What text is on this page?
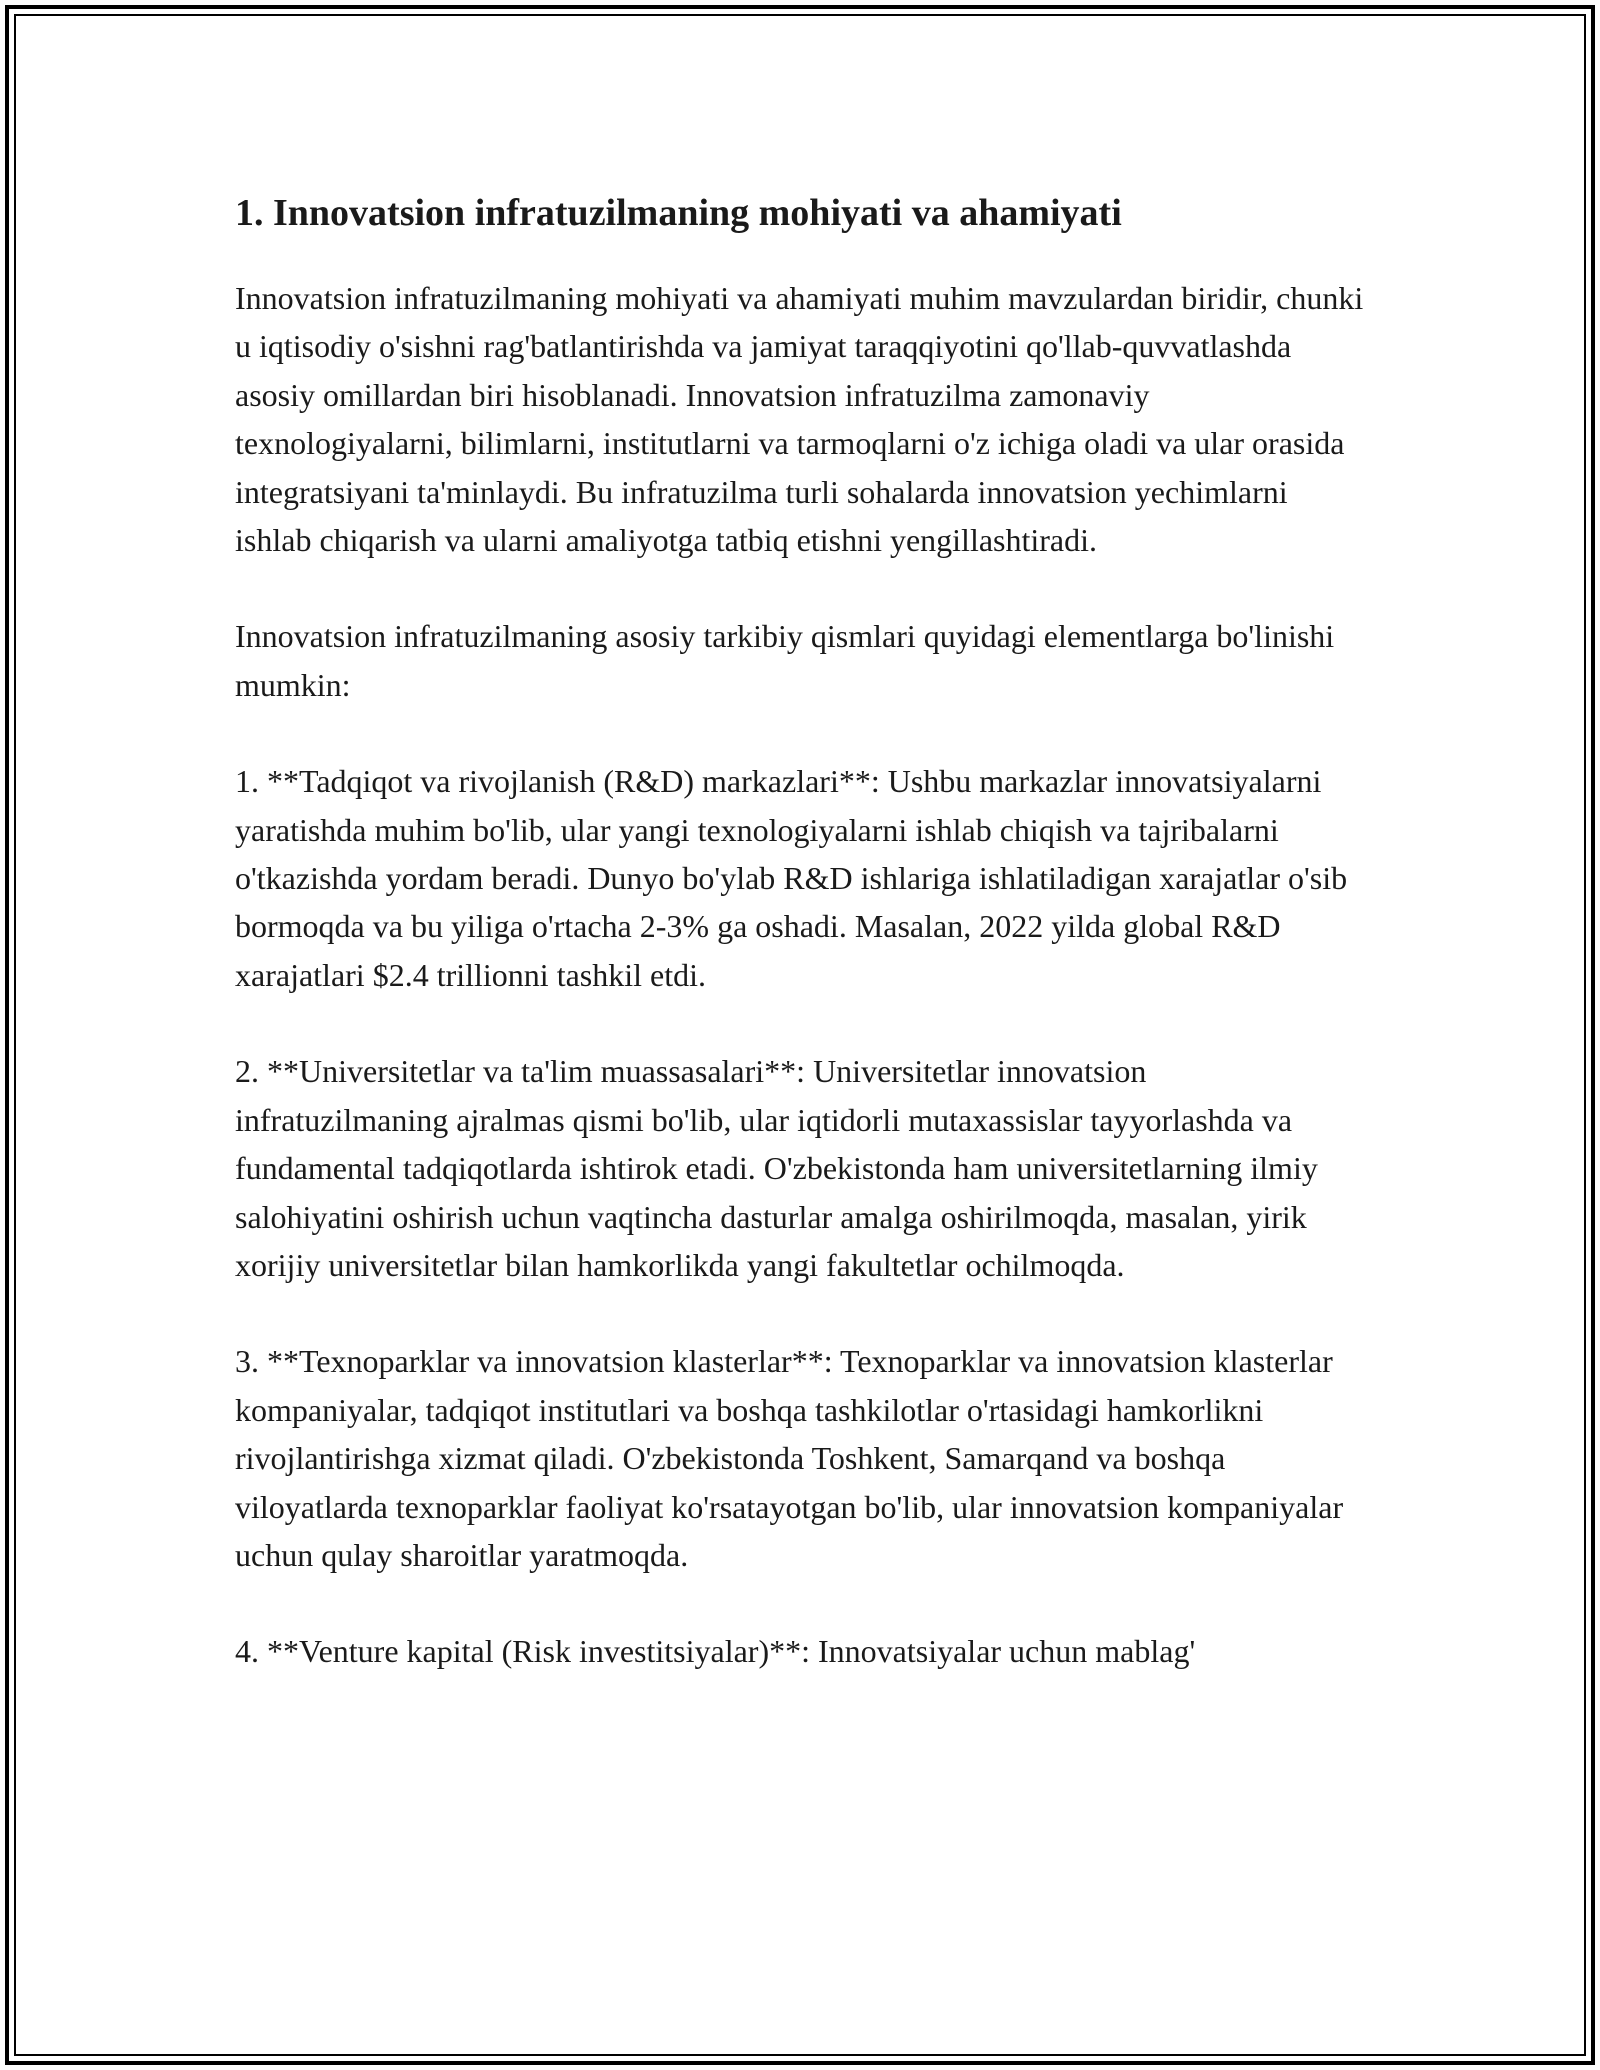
1. Innovatsion infratuzilmaning mohiyati va ahamiyati

Innovatsion infratuzilmaning mohiyati va ahamiyati muhim mavzulardan biridir, chunki u iqtisodiy o'sishni rag'batlantirishda va jamiyat taraqqiyotini qo'llab-quvvatlashda asosiy omillardan biri hisoblanadi. Innovatsion infratuzilma zamonaviy texnologiyalarni, bilimlarni, institutlarni va tarmoqlarni o'z ichiga oladi va ular orasida integratsiyani ta'minlaydi. Bu infratuzilma turli sohalarda innovatsion yechimlarni ishlab chiqarish va ularni amaliyotga tatbiq etishni yengillashtiradi.

Innovatsion infratuzilmaning asosiy tarkibiy qismlari quyidagi elementlarga bo'linishi mumkin:

1. **Tadqiqot va rivojlanish (R&D) markazlari**: Ushbu markazlar innovatsiyalarni yaratishda muhim bo'lib, ular yangi texnologiyalarni ishlab chiqish va tajribalarni o'tkazishda yordam beradi. Dunyo bo'ylab R&D ishlariga ishlatiladigan xarajatlar o'sib bormoqda va bu yiliga o'rtacha 2-3% ga oshadi. Masalan, 2022 yilda global R&D xarajatlari $2.4 trillionni tashkil etdi.

2. **Universitetlar va ta'lim muassasalari**: Universitetlar innovatsion infratuzilmaning ajralmas qismi bo'lib, ular iqtidorli mutaxassislar tayyorlashda va fundamental tadqiqotlarda ishtirok etadi. O'zbekistonda ham universitetlarning ilmiy salohiyatini oshirish uchun vaqtincha dasturlar amalga oshirilmoqda, masalan, yirik xorijiy universitetlar bilan hamkorlikda yangi fakultetlar ochilmoqda.

3. **Texnoparklar va innovatsion klasterlar**: Texnoparklar va innovatsion klasterlar kompaniyalar, tadqiqot institutlari va boshqa tashkilotlar o'rtasidagi hamkorlikni rivojlantirishga xizmat qiladi. O'zbekistonda Toshkent, Samarqand va boshqa viloyatlarda texnoparklar faoliyat ko'rsatayotgan bo'lib, ular innovatsion kompaniyalar uchun qulay sharoitlar yaratmoqda.

4. **Venture kapital (Risk investitsiyalar)**: Innovatsiyalar uchun mablag'
